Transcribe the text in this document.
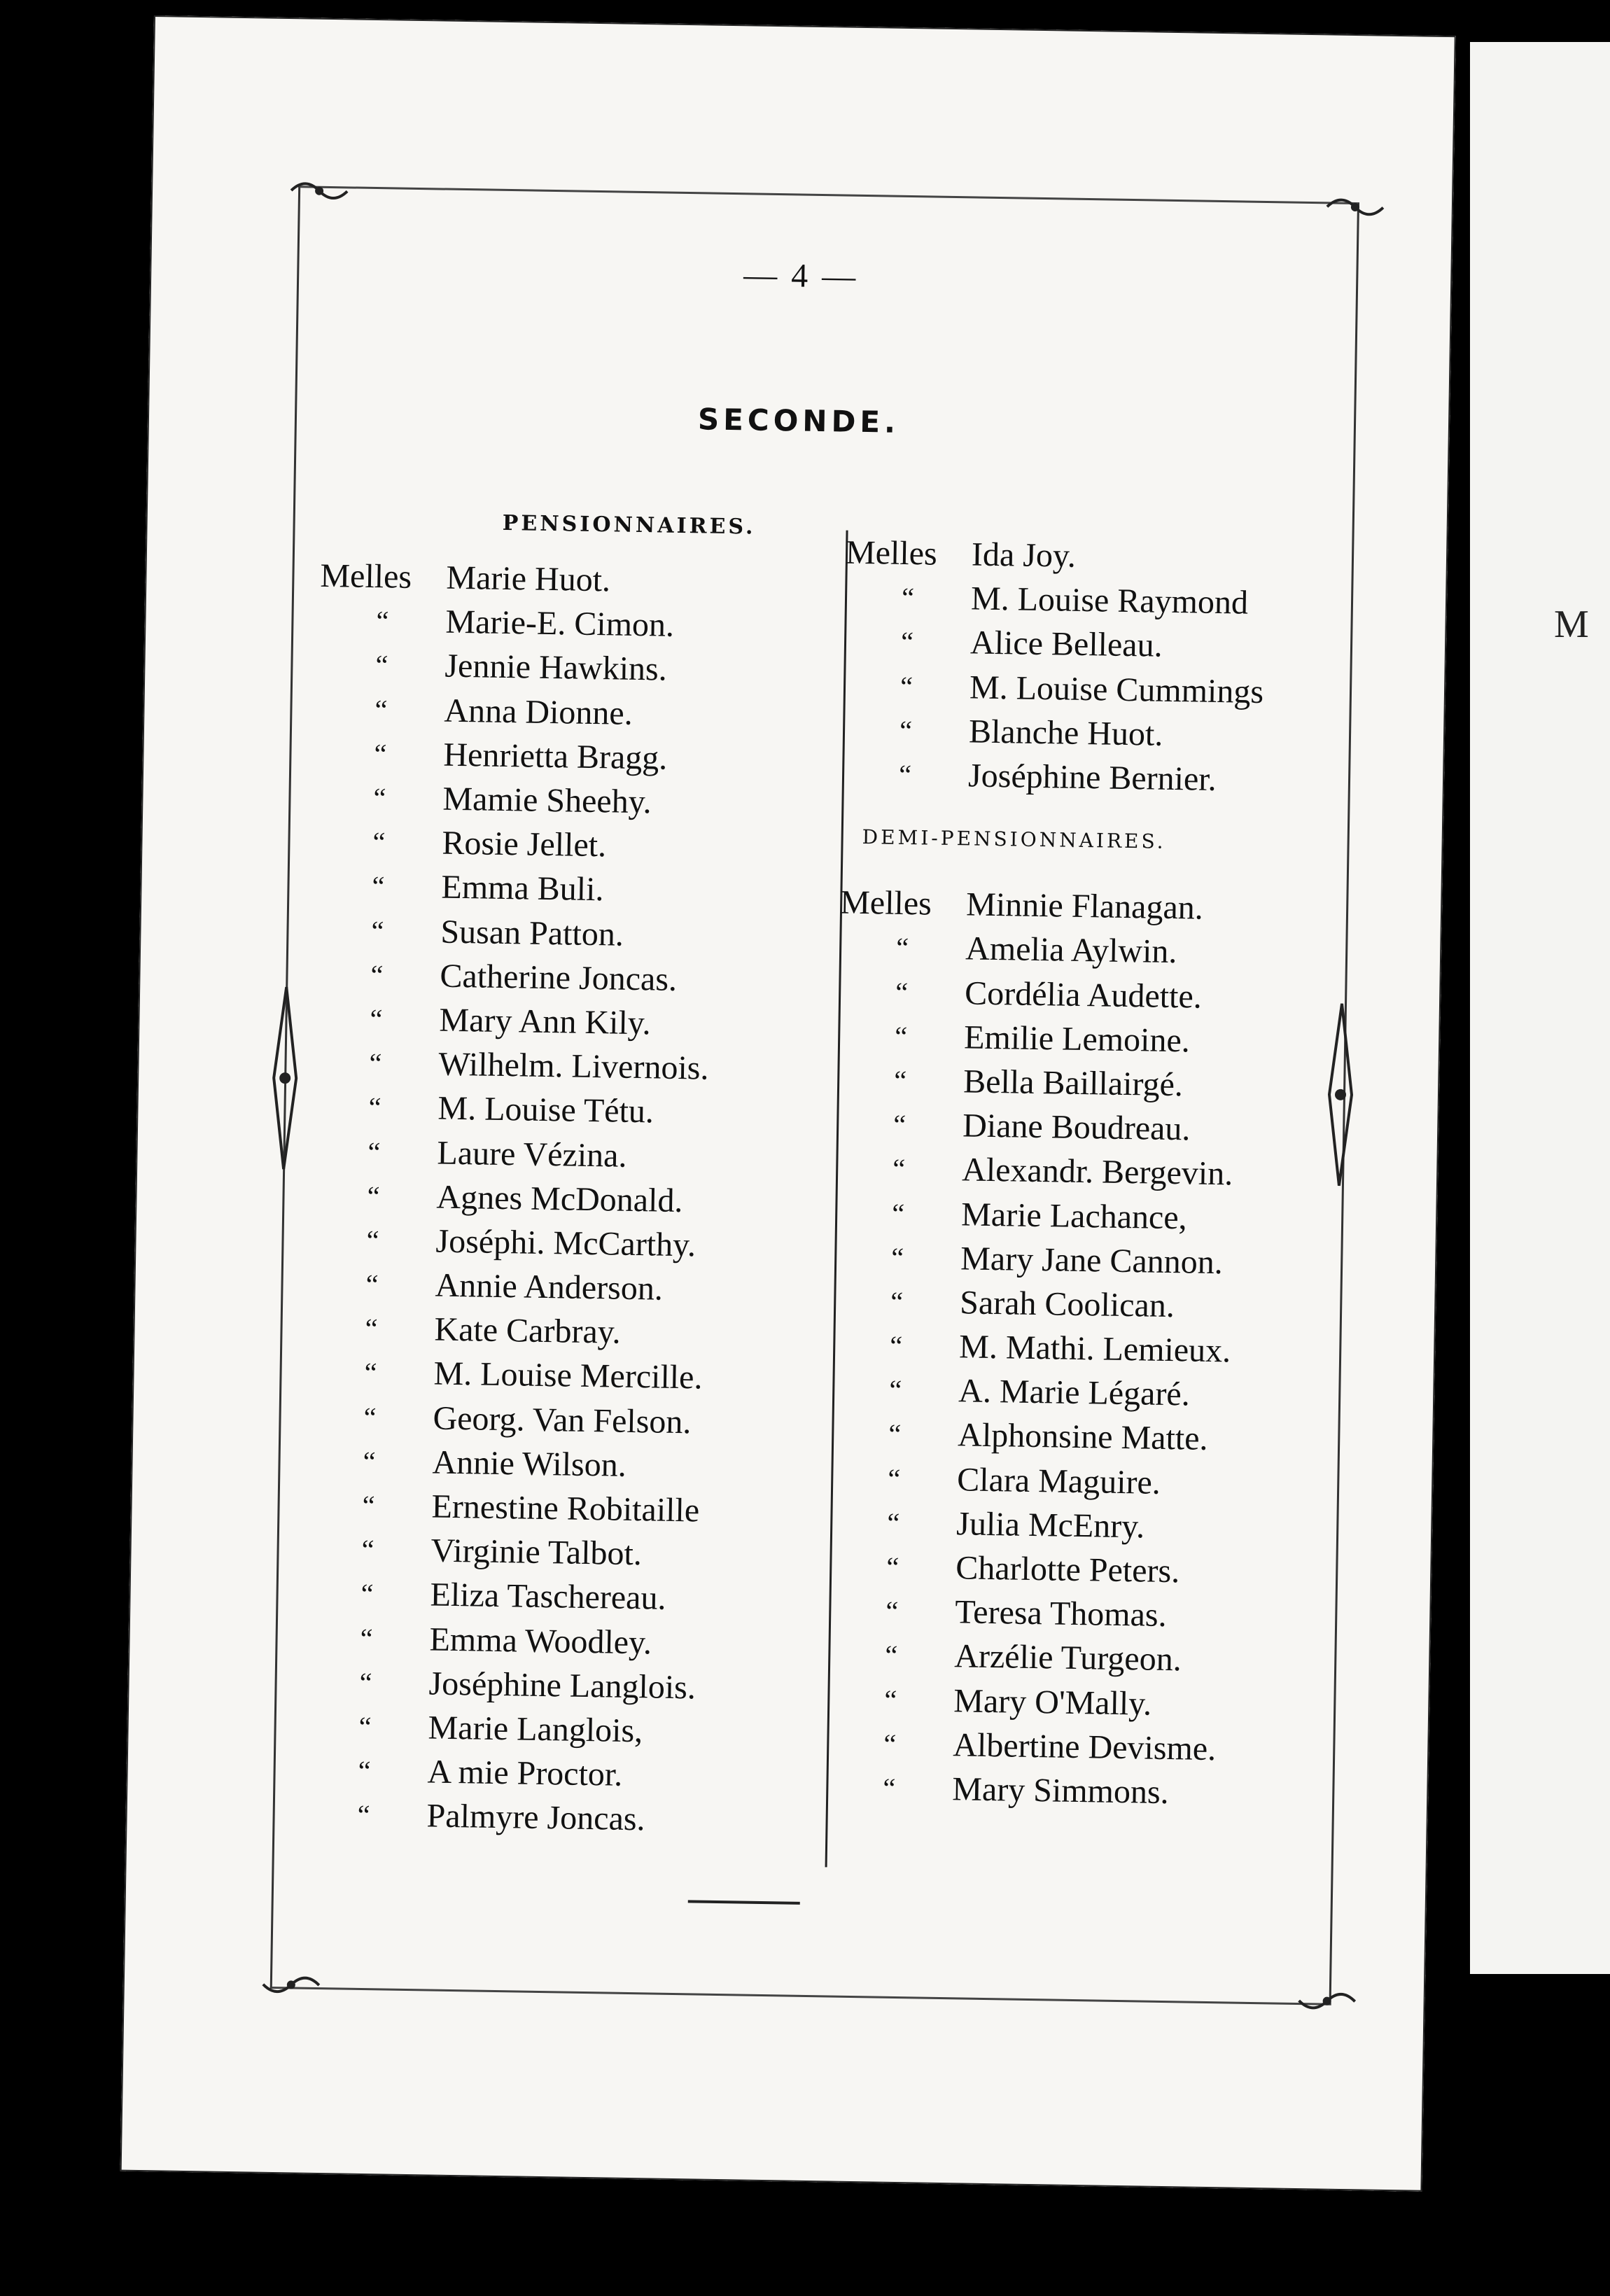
M
— 4 —
SECONDE.
PENSIONNAIRES.
Melles	Marie Huot.
“	Marie-E. Cimon.
“	Jennie Hawkins.
“	Anna Dionne.
“	Henrietta Bragg.
“	Mamie Sheehy.
“	Rosie Jellet.
“	Emma Buli.
“	Susan Patton.
“	Catherine Joncas.
“	Mary Ann Kily.
“	Wilhelm. Livernois.
“	M. Louise Tétu.
“	Laure Vézina.
“	Agnes McDonald.
“	Joséphi. McCarthy.
“	Annie Anderson.
“	Kate Carbray.
“	M. Louise Mercille.
“	Georg. Van Felson.
“	Annie Wilson.
“	Ernestine Robitaille
“	Virginie Talbot.
“	Eliza Taschereau.
“	Emma Woodley.
“	Joséphine Langlois.
“	Marie Langlois,
“	A mie Proctor.
“	Palmyre Joncas.
Melles	Ida Joy.
“	M. Louise Raymond
“	Alice Belleau.
“	M. Louise Cummings
“	Blanche Huot.
“	Joséphine Bernier.
DEMI-PENSIONNAIRES.
Melles	Minnie Flanagan.
“	Amelia Aylwin.
“	Cordélia Audette.
“	Emilie Lemoine.
“	Bella Baillairgé.
“	Diane Boudreau.
“	Alexandr. Bergevin.
“	Marie Lachance,
“	Mary Jane Cannon.
“	Sarah Coolican.
“	M. Mathi. Lemieux.
“	A. Marie Légaré.
“	Alphonsine Matte.
“	Clara Maguire.
“	Julia McEnry.
“	Charlotte Peters.
“	Teresa Thomas.
“	Arzélie Turgeon.
“	Mary O'Mally.
“	Albertine Devisme.
“	Mary Simmons.
